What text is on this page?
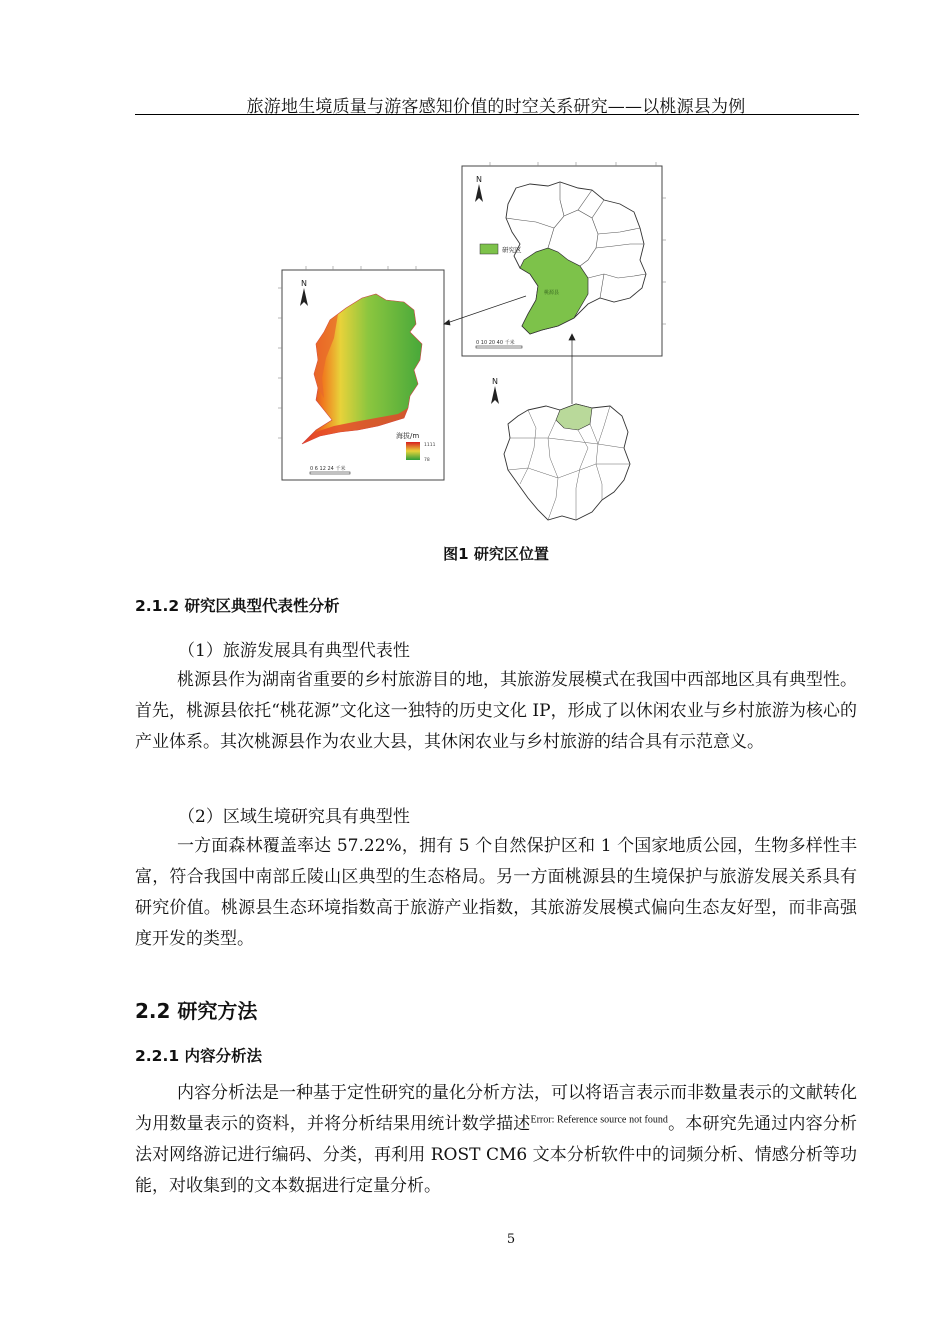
旅游地生境质量与游客感知价值的时空关系研究——以桃源县为例
N
海拔/m
1111
78
0 6 12 24 千米
N
桃源县
研究区
0 10 20 40 千米
N
图1 研究区位置
2.1.2 研究区典型代表性分析
（1）旅游发展具有典型代表性
桃源县作为湖南省重要的乡村旅游目的地，其旅游发展模式在我国中西部地区具有典型性。首先，桃源县依托“桃花源”文化这一独特的历史文化 IP，形成了以休闲农业与乡村旅游为核心的产业体系。其次桃源县作为农业大县，其休闲农业与乡村旅游的结合具有示范意义。
（2）区域生境研究具有典型性
一方面森林覆盖率达 57.22%，拥有 5 个自然保护区和 1 个国家地质公园，生物多样性丰富，符合我国中南部丘陵山区典型的生态格局。另一方面桃源县的生境保护与旅游发展关系具有研究价值。桃源县生态环境指数高于旅游产业指数，其旅游发展模式偏向生态友好型，而非高强度开发的类型。
2.2 研究方法
2.2.1 内容分析法
内容分析法是一种基于定性研究的量化分析方法，可以将语言表示而非数量表示的文献转化为用数量表示的资料，并将分析结果用统计数学描述$^{Error: Reference source not found}$。本研究先通过内容分析法对网络游记进行编码、分类，再利用 ROST CM6 文本分析软件中的词频分析、情感分析等功能，对收集到的文本数据进行定量分析。
5
